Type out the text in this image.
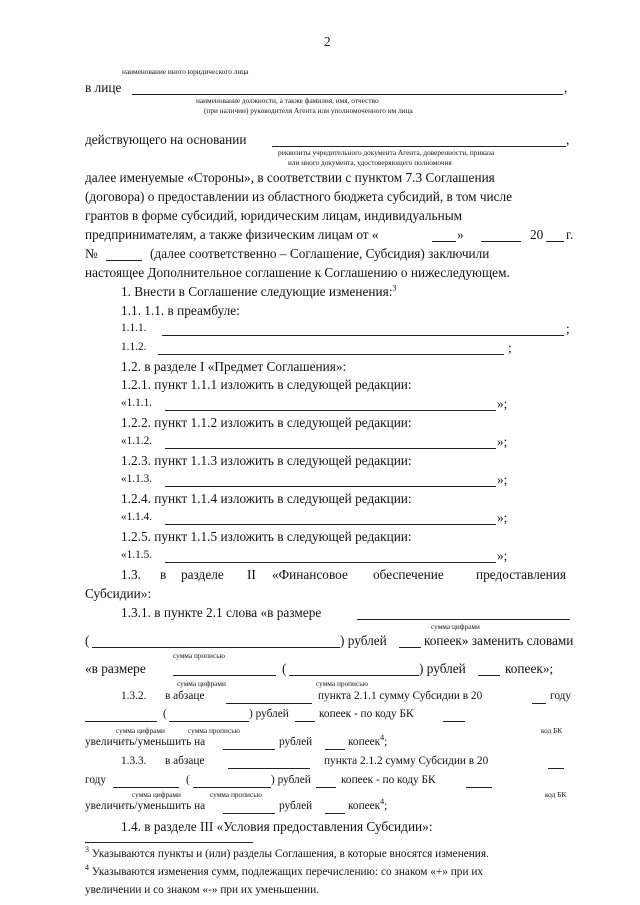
2
наименование иного юридического лица
в лице	,
наименование должности, а также фамилия, имя, отчество
(при наличии) руководителя Агента или уполномоченного им лица
действующего на основании	,
реквизиты учредительного документа Агента, доверенности, приказа
или иного документа, удостоверяющего полномочия
далее именуемые «Стороны», в соответствии с пунктом 7.3 Соглашения
(договора) о предоставлении из областного бюджета субсидий, в том числе
грантов в форме субсидий, юридическим лицам, индивидуальным
предпринимателям, а также физическим лицам от «	»	20 г.
№	(далее соответственно – Соглашение, Субсидия) заключили
настоящее Дополнительное соглашение к Соглашению о нижеследующем.
1. Внести в Соглашение следующие изменения:$^3$
1.1. 1.1. в преамбуле:
1.1.1.	;
1.1.2.	;
1.2. в разделе I «Предмет Соглашения»:
1.2.1. пункт 1.1.1 изложить в следующей редакции:
«1.1.1.	»;
1.2.2. пункт 1.1.2 изложить в следующей редакции:
«1.1.2.	»;
1.2.3. пункт 1.1.3 изложить в следующей редакции:
«1.1.3.	»;
1.2.4. пункт 1.1.4 изложить в следующей редакции:
«1.1.4.	»;
1.2.5. пункт 1.1.5 изложить в следующей редакции:
«1.1.5.	»;
1.3. в разделе II «Финансовое обеспечение предоставления
Субсидии»:
1.3.1. в пункте 2.1 слова «в размере
сумма цифрами
(	) рублей	копеек» заменить словами
сумма прописью
«в размере	(	) рублей	копеек»;
сумма цифрами	сумма прописью
1.3.2. в абзаце	пункта 2.1.1 сумму Субсидии в 20	году
(	) рублей	копеек - по коду БК
сумма цифрами	сумма прописью	код БК
увеличить/уменьшить на	рублей	копеек$^4$;
1.3.3. в абзаце	пункта 2.1.2 сумму Субсидии в 20
году	(	) рублей	копеек - по коду БК
сумма цифрами	сумма прописью	код БК
увеличить/уменьшить на	рублей	копеек$^4$;
1.4. в разделе III «Условия предоставления Субсидии»:
$^3$ Указываются пункты и (или) разделы Соглашения, в которые вносятся изменения.
$^4$ Указываются изменения сумм, подлежащих перечислению: со знаком «+» при их
увеличении и со знаком «-» при их уменьшении.
